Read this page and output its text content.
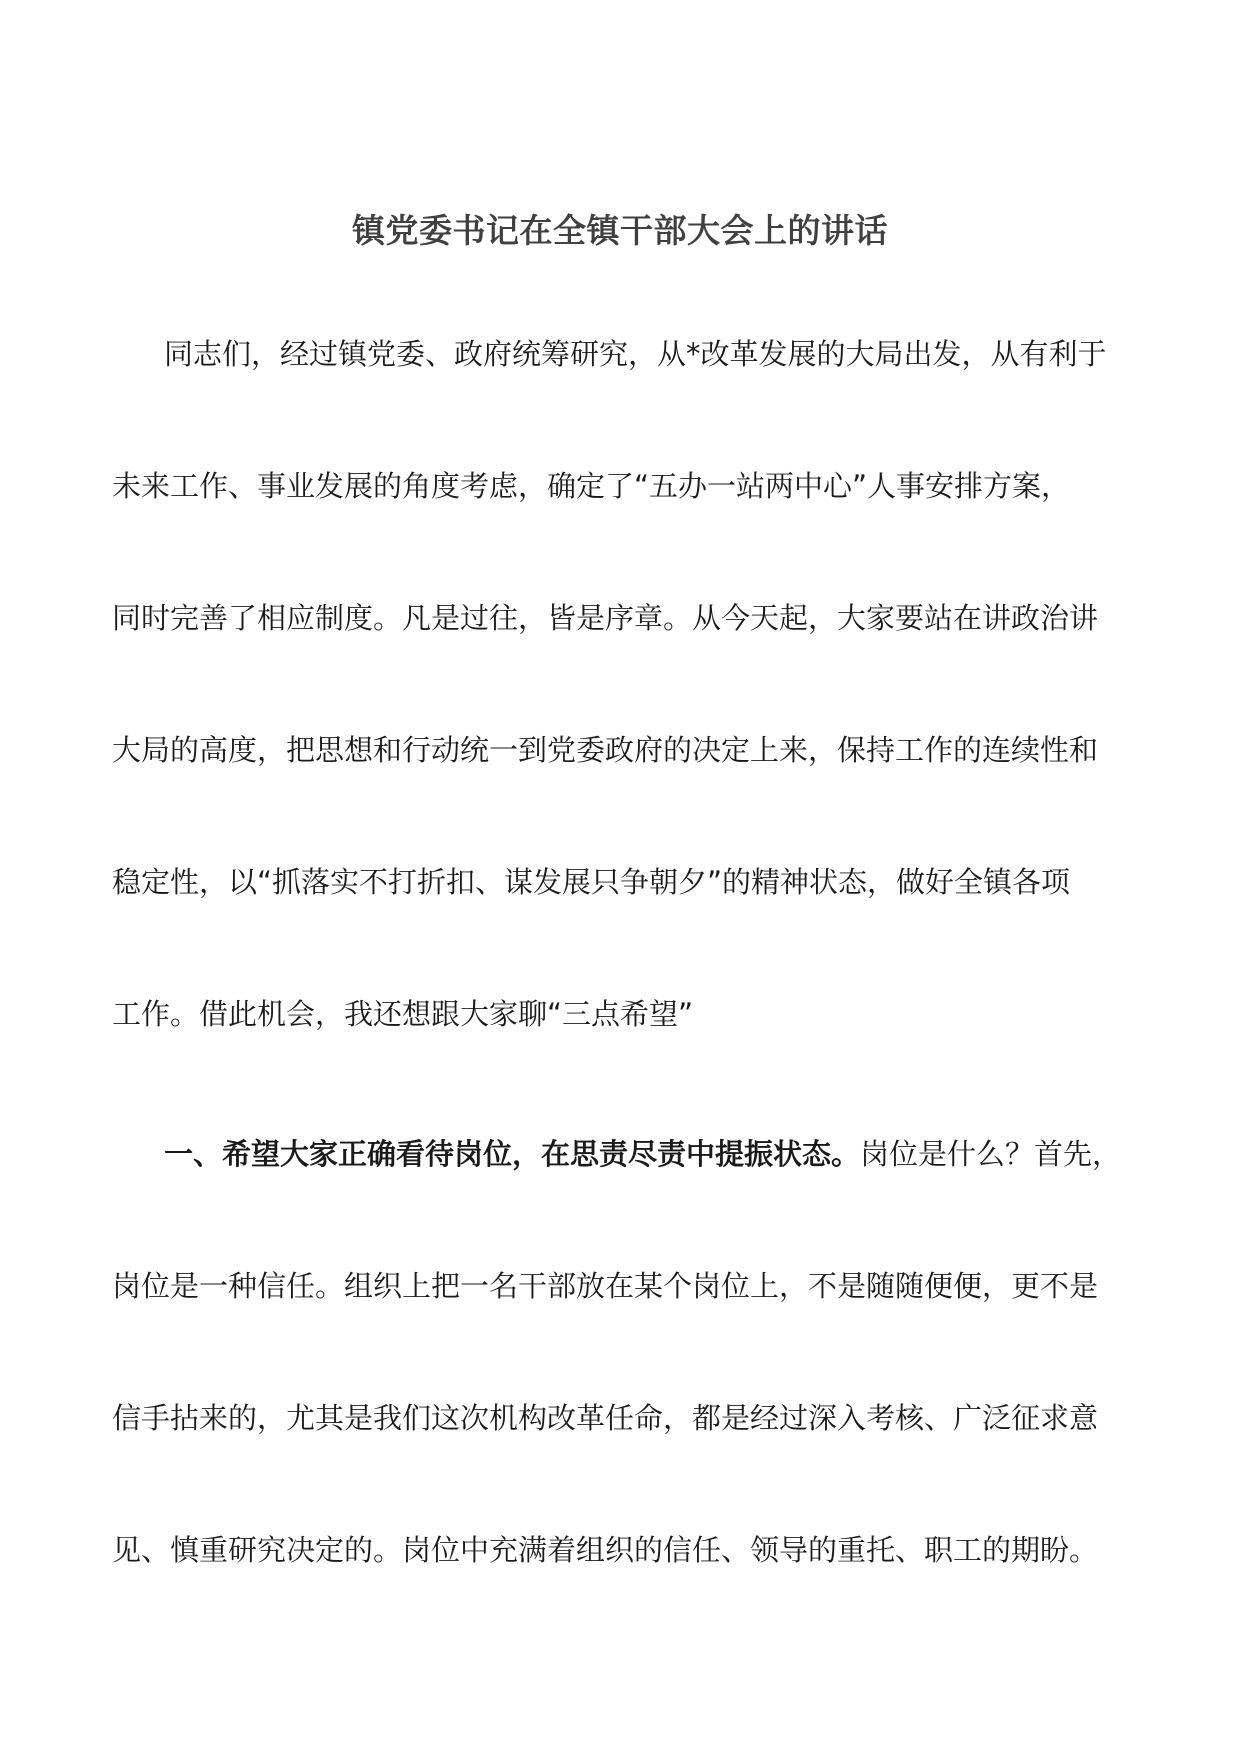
镇党委书记在全镇干部大会上的讲话
同志们，经过镇党委、政府统筹研究，从*改革发展的大局出发，从有利于
未来工作、事业发展的角度考虑，确定了“五办一站两中心”人事安排方案，
同时完善了相应制度。凡是过往，皆是序章。从今天起，大家要站在讲政治讲
大局的高度，把思想和行动统一到党委政府的决定上来，保持工作的连续性和
稳定性，以“抓落实不打折扣、谋发展只争朝夕”的精神状态，做好全镇各项
工作。借此机会，我还想跟大家聊“三点希望”
一、希望大家正确看待岗位，在思责尽责中提振状态。岗位是什么？首先，
岗位是一种信任。组织上把一名干部放在某个岗位上，不是随随便便，更不是
信手拈来的，尤其是我们这次机构改革任命，都是经过深入考核、广泛征求意
见、慎重研究决定的。岗位中充满着组织的信任、领导的重托、职工的期盼。
